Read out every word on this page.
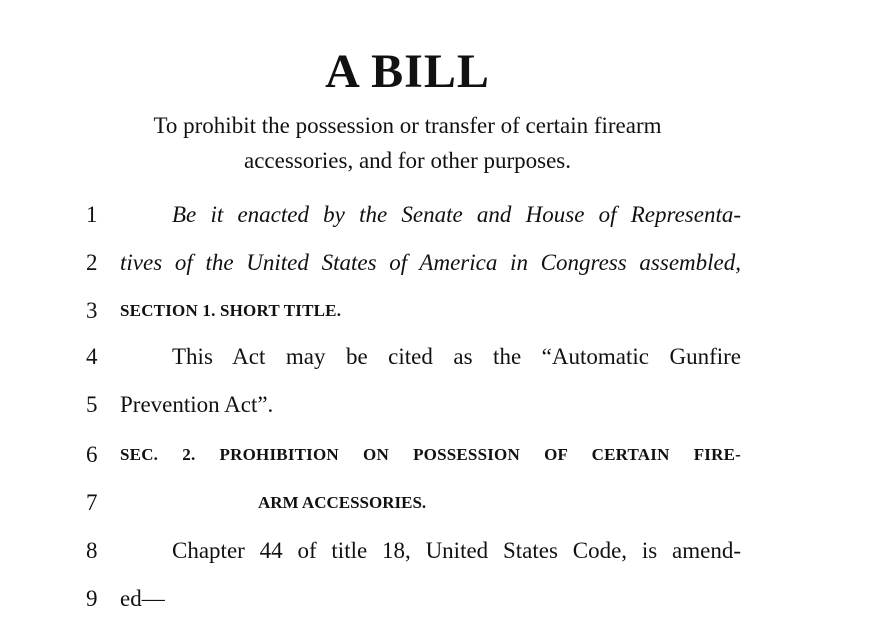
A BILL
To prohibit the possession or transfer of certain firearm
accessories, and for other purposes.
1	Be it enacted by the Senate and House of Representa-
2 tives of the United States of America in Congress assembled,
3	SECTION 1. SHORT TITLE.
4	This Act may be cited as the “Automatic Gunfire
5 Prevention Act”.
6	SEC. 2. PROHIBITION ON POSSESSION OF CERTAIN FIRE-
7	ARM ACCESSORIES.
8	Chapter 44 of title 18, United States Code, is amend-
9 ed—
